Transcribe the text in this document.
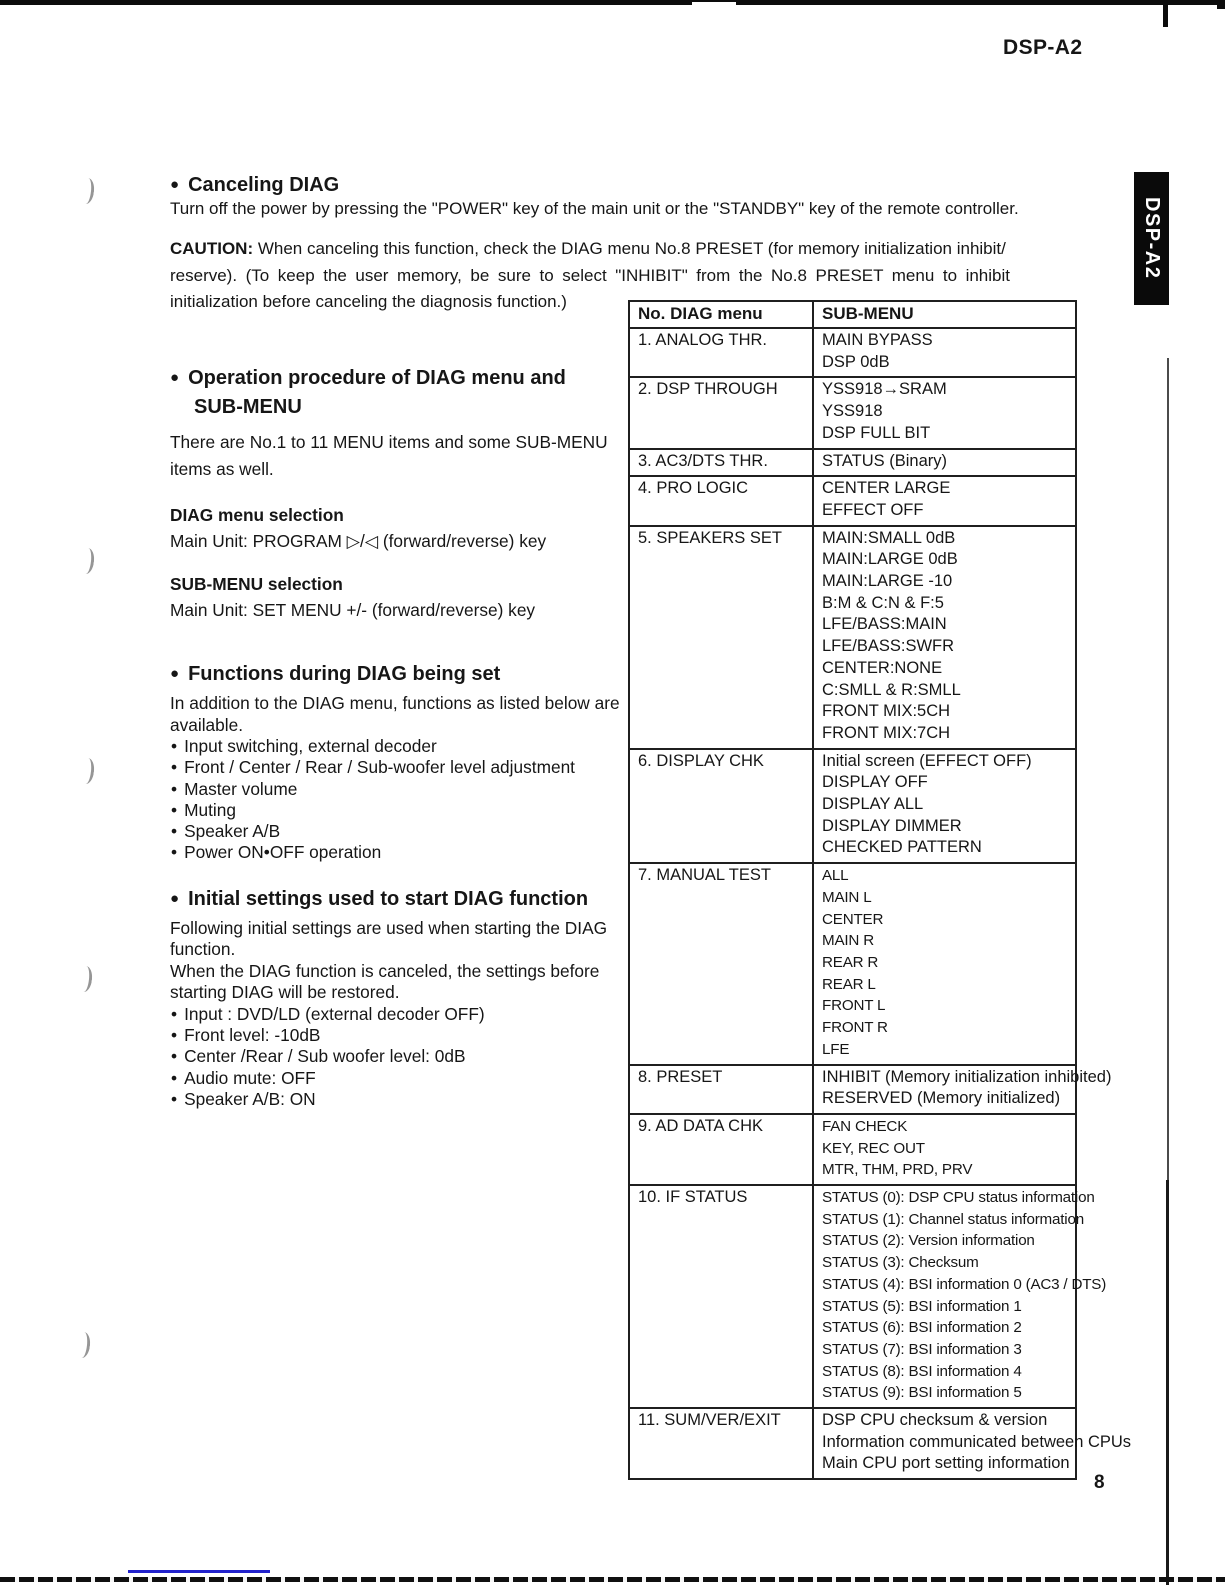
DSP-A2
DSP-A2
8
● Canceling DIAG
Turn off the power by pressing the "POWER" key of the main unit or the "STANDBY" key of the remote controller.
CAUTION: When canceling this function, check the DIAG menu No.8 PRESET (for memory initialization inhibit/
reserve). (To keep the user memory, be sure to select "INHIBIT" from the No.8 PRESET menu to inhibit
initialization before canceling the diagnosis function.)
● Operation procedure of DIAG menu and
SUB-MENU
There are No.1 to 11 MENU items and some SUB-MENU items as well.
DIAG menu selection
Main Unit: PROGRAM ▷/◁ (forward/reverse) key
SUB-MENU selection
Main Unit: SET MENU +/- (forward/reverse) key
● Functions during DIAG being set
In addition to the DIAG menu, functions as listed below are available.
• Input switching, external decoder
• Front / Center / Rear / Sub-woofer level adjustment
• Master volume
• Muting
• Speaker A/B
• Power ON•OFF operation
● Initial settings used to start DIAG function
Following initial settings are used when starting the DIAG function.
When the DIAG function is canceled, the settings before starting DIAG will be restored.
• Input : DVD/LD (external decoder OFF)
• Front level: -10dB
• Center /Rear / Sub woofer level: 0dB
• Audio mute: OFF
• Speaker A/B: ON
No. DIAG menu	SUB-MENU
1. ANALOG THR.	MAIN BYPASS
DSP 0dB

2. DSP THROUGH	YSS918→SRAM
YSS918
DSP FULL BIT

3. AC3/DTS THR.	STATUS (Binary)

4. PRO LOGIC	CENTER LARGE
EFFECT OFF

5. SPEAKERS SET	MAIN:SMALL 0dB
MAIN:LARGE 0dB
MAIN:LARGE -10
B:M & C:N & F:5
LFE/BASS:MAIN
LFE/BASS:SWFR
CENTER:NONE
C:SMLL & R:SMLL
FRONT MIX:5CH
FRONT MIX:7CH

6. DISPLAY CHK	Initial screen (EFFECT OFF)
DISPLAY OFF
DISPLAY ALL
DISPLAY DIMMER
CHECKED PATTERN

7. MANUAL TEST	ALL
MAIN L
CENTER
MAIN R
REAR R
REAR L
FRONT L
FRONT R
LFE

8. PRESET	INHIBIT (Memory initialization inhibited)
RESERVED (Memory initialized)

9. AD DATA CHK	FAN CHECK
KEY, REC OUT
MTR, THM, PRD, PRV

10. IF STATUS	STATUS (0): DSP CPU status information
STATUS (1): Channel status information
STATUS (2): Version information
STATUS (3): Checksum
STATUS (4): BSI information 0 (AC3 / DTS)
STATUS (5): BSI information 1
STATUS (6): BSI information 2
STATUS (7): BSI information 3
STATUS (8): BSI information 4
STATUS (9): BSI information 5

11. SUM/VER/EXIT	DSP CPU checksum & version
Information communicated between CPUs
Main CPU port setting information
